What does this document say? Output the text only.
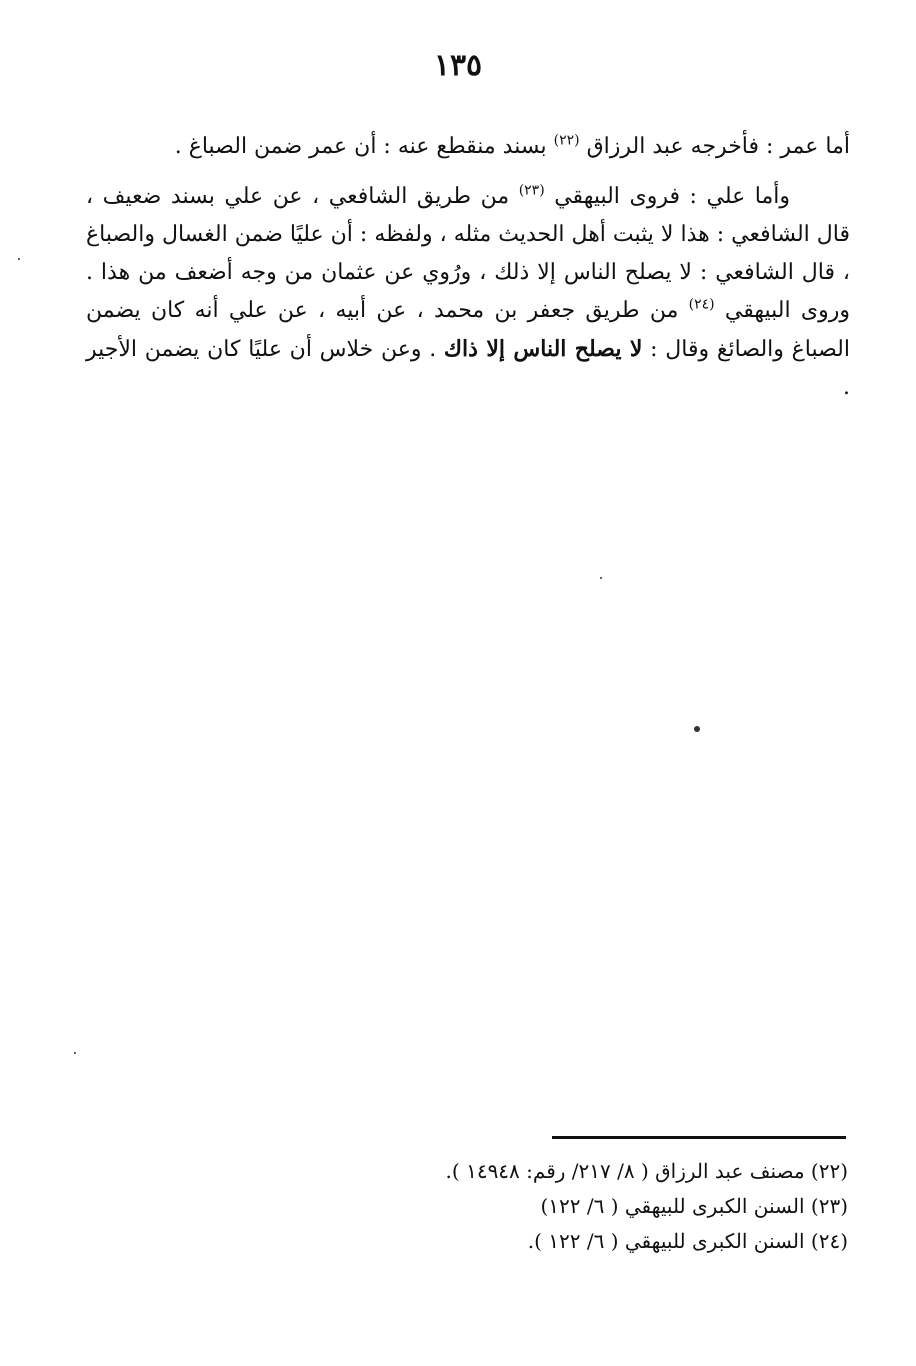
١٣٥

أما عمر : فأخرجه عبد الرزاق $^{(٢٢)}$ بسند منقطع عنه : أن عمر ضمن الصباغ .

وأما علي : فروى البيهقي $^{(٢٣)}$ من طريق الشافعي ، عن علي بسند ضعيف ، قال الشافعي : هذا لا يثبت أهل الحديث مثله ، ولفظه : أن عليًا ضمن الغسال والصباغ ، قال الشافعي : لا يصلح الناس إلا ذلك ، ورُوي عن عثمان من وجه أضعف من هذا . وروى البيهقي $^{(٢٤)}$ من طريق جعفر بن محمد ، عن أبيه ، عن علي أنه كان يضمن الصباغ والصائغ وقال : لا يصلح الناس إلا ذاك . وعن خلاس أن عليًا كان يضمن الأجير .

(٢٢) مصنف عبد الرزاق ( ٨/ ٢١٧/ رقم: ١٤٩٤٨ ).
(٢٣) السنن الكبرى للبيهقي ( ٦/ ١٢٢)
(٢٤) السنن الكبرى للبيهقي ( ٦/ ١٢٢ ).
